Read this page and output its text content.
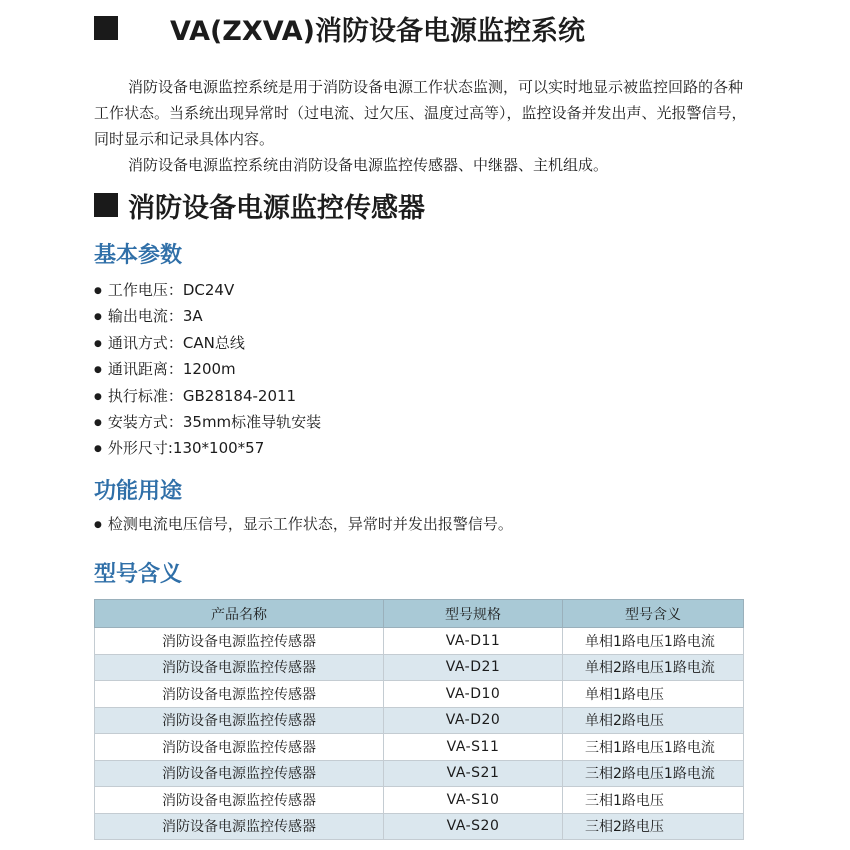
VA(ZXVA)消防设备电源监控系统

消防设备电源监控系统是用于消防设备电源工作状态监测，可以实时地显示被监控回路的各种工作状态。当系统出现异常时（过电流、过欠压、温度过高等），监控设备并发出声、光报警信号，同时显示和记录具体内容。

消防设备电源监控系统由消防设备电源监控传感器、中继器、主机组成。

消防设备电源监控传感器
基本参数
● 工作电压：DC24V
● 输出电流：3A
● 通讯方式：CAN总线
● 通讯距离：1200m
● 执行标准：GB28184-2011
● 安装方式：35mm标准导轨安装
● 外形尺寸:130*100*57
功能用途
● 检测电流电压信号，显示工作状态，异常时并发出报警信号。
型号含义
产品名称	型号规格	型号含义
消防设备电源监控传感器	VA-D11	单相1路电压1路电流
消防设备电源监控传感器	VA-D21	单相2路电压1路电流
消防设备电源监控传感器	VA-D10	单相1路电压
消防设备电源监控传感器	VA-D20	单相2路电压
消防设备电源监控传感器	VA-S11	三相1路电压1路电流
消防设备电源监控传感器	VA-S21	三相2路电压1路电流
消防设备电源监控传感器	VA-S10	三相1路电压
消防设备电源监控传感器	VA-S20	三相2路电压
